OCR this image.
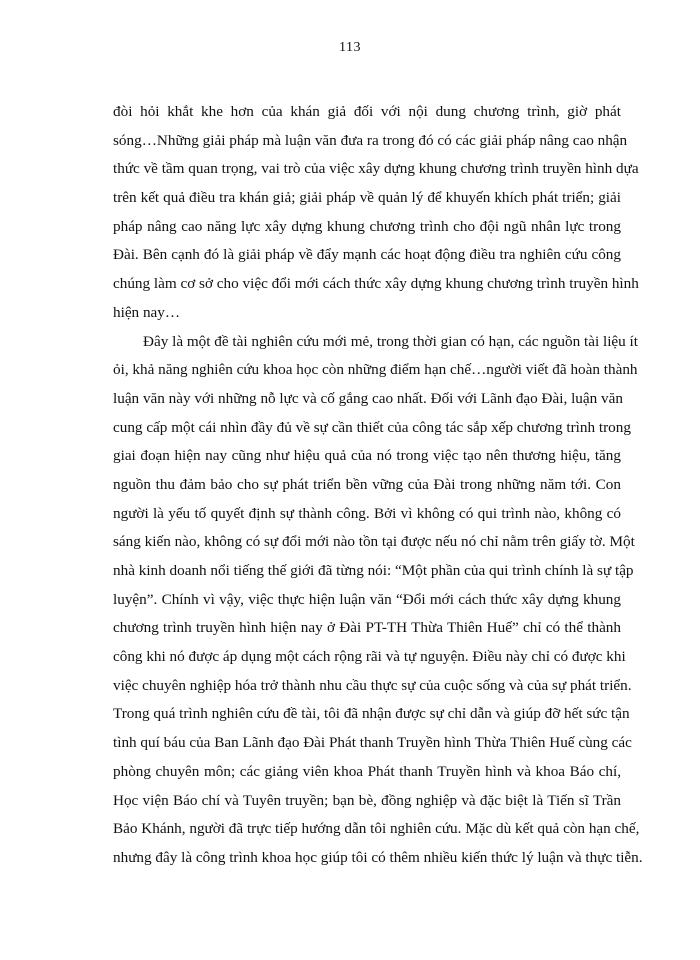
113
đòi hỏi khắt khe hơn của khán giả đối với nội dung chương trình, giờ phát
sóng…Những giải pháp mà luận văn đưa ra trong đó có các giải pháp nâng cao nhận
thức về tầm quan trọng, vai trò của việc xây dựng khung chương trình truyền hình dựa
trên kết quả điều tra khán giả; giải pháp về quản lý để khuyến khích phát triển; giải
pháp nâng cao năng lực xây dựng khung chương trình cho đội ngũ nhân lực trong
Đài. Bên cạnh đó là giải pháp về đẩy mạnh các hoạt động điều tra nghiên cứu công
chúng làm cơ sở cho việc đổi mới cách thức xây dựng khung chương trình truyền hình
hiện nay…
Đây là một đề tài nghiên cứu mới mẻ, trong thời gian có hạn, các nguồn tài liệu ít
ỏi, khả năng nghiên cứu khoa học còn những điểm hạn chế…người viết đã hoàn thành
luận văn này với những nỗ lực và cố gắng cao nhất. Đối với Lãnh đạo Đài, luận văn
cung cấp một cái nhìn đầy đủ về sự cần thiết của công tác sắp xếp chương trình trong
giai đoạn hiện nay cũng như hiệu quả của nó trong việc tạo nên thương hiệu, tăng
nguồn thu đảm bảo cho sự phát triển bền vững của Đài trong những năm tới. Con
người là yếu tố quyết định sự thành công. Bởi vì không có qui trình nào, không có
sáng kiến nào, không có sự đổi mới nào tồn tại được nếu nó chỉ nằm trên giấy tờ. Một
nhà kinh doanh nổi tiếng thế giới đã từng nói: “Một phần của qui trình chính là sự tập
luyện”. Chính vì vậy, việc thực hiện luận văn “Đổi mới cách thức xây dựng khung
chương trình truyền hình hiện nay ở Đài PT-TH Thừa Thiên Huế” chỉ có thể thành
công khi nó được áp dụng một cách rộng rãi và tự nguyện. Điều này chỉ có được khi
việc chuyên nghiệp hóa trở thành nhu cầu thực sự của cuộc sống và của sự phát triển.
Trong quá trình nghiên cứu đề tài, tôi đã nhận được sự chỉ dẫn và giúp đỡ hết sức tận
tình quí báu của Ban Lãnh đạo Đài Phát thanh Truyền hình Thừa Thiên Huế cùng các
phòng chuyên môn; các giảng viên khoa Phát thanh Truyền hình và khoa Báo chí,
Học viện Báo chí và Tuyên truyền; bạn bè, đồng nghiệp và đặc biệt là Tiến sĩ Trần
Bảo Khánh, người đã trực tiếp hướng dẫn tôi nghiên cứu. Mặc dù kết quả còn hạn chế,
nhưng đây là công trình khoa học giúp tôi có thêm nhiều kiến thức lý luận và thực tiễn.
